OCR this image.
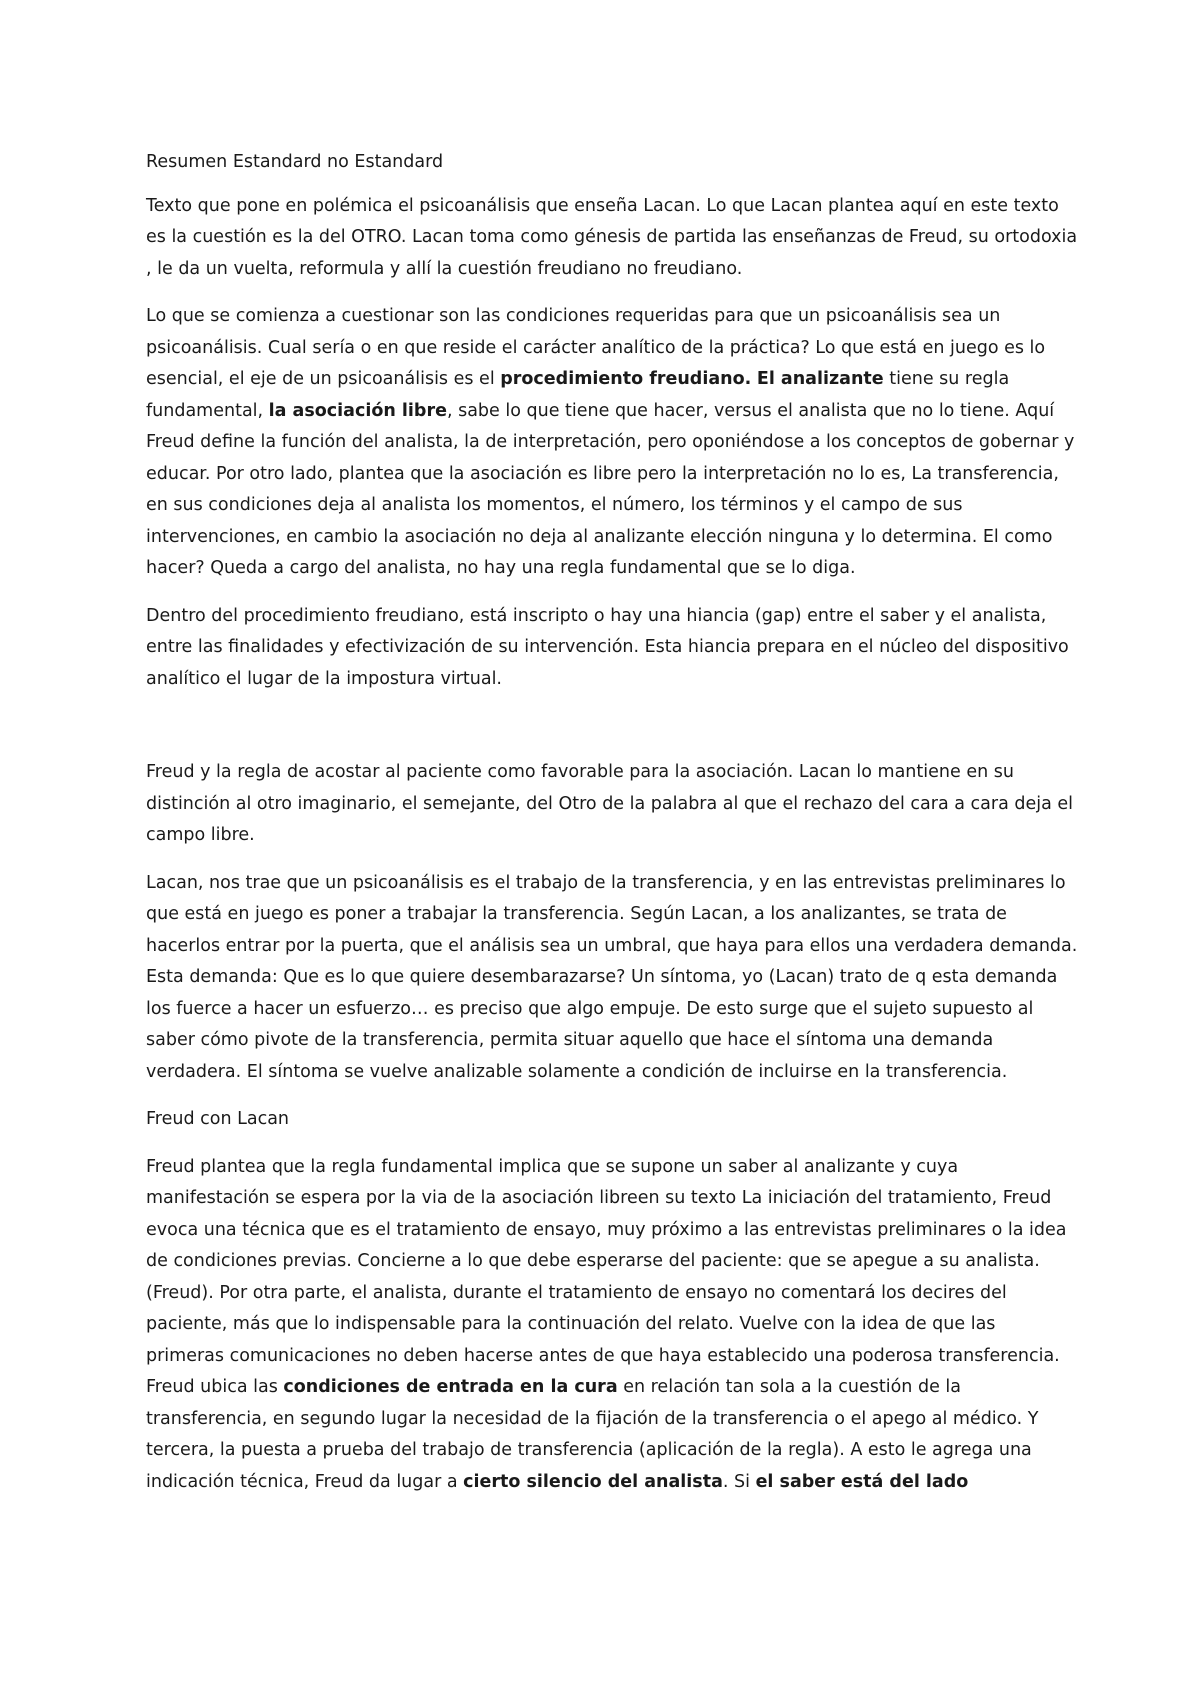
Resumen Estandard no Estandard

Texto que pone en polémica el psicoanálisis que enseña Lacan. Lo que Lacan plantea aquí en este texto es la cuestión es la del OTRO. Lacan toma como génesis de partida las enseñanzas de Freud, su ortodoxia , le da un vuelta, reformula y allí la cuestión freudiano no freudiano.

Lo que se comienza a cuestionar son las condiciones requeridas para que un psicoanálisis sea un psicoanálisis. Cual sería o en que reside el carácter analítico de la práctica? Lo que está en juego es lo esencial, el eje de un psicoanálisis es el procedimiento freudiano. El analizante tiene su regla fundamental, la asociación libre, sabe lo que tiene que hacer, versus el analista que no lo tiene. Aquí Freud define la función del analista, la de interpretación, pero oponiéndose a los conceptos de gobernar y educar. Por otro lado, plantea que la asociación es libre pero la interpretación no lo es, La transferencia, en sus condiciones deja al analista los momentos, el número, los términos y el campo de sus intervenciones, en cambio la asociación no deja al analizante elección ninguna y lo determina. El como hacer? Queda a cargo del analista, no hay una regla fundamental que se lo diga.

Dentro del procedimiento freudiano, está inscripto o hay una hiancia (gap) entre el saber y el analista, entre las finalidades y efectivización de su intervención. Esta hiancia prepara en el núcleo del dispositivo analítico el lugar de la impostura virtual.

Freud y la regla de acostar al paciente como favorable para la asociación. Lacan lo mantiene en su distinción al otro imaginario, el semejante, del Otro de la palabra al que el rechazo del cara a cara deja el campo libre.

Lacan, nos trae que un psicoanálisis es el trabajo de la transferencia, y en las entrevistas preliminares lo que está en juego es poner a trabajar la transferencia. Según Lacan, a los analizantes, se trata de hacerlos entrar por la puerta, que el análisis sea un umbral, que haya para ellos una verdadera demanda. Esta demanda: Que es lo que quiere desembarazarse? Un síntoma, yo (Lacan) trato de q esta demanda los fuerce a hacer un esfuerzo… es preciso que algo empuje. De esto surge que el sujeto supuesto al saber cómo pivote de la transferencia, permita situar aquello que hace el síntoma una demanda verdadera. El síntoma se vuelve analizable solamente a condición de incluirse en la transferencia.

Freud con Lacan

Freud plantea que la regla fundamental implica que se supone un saber al analizante y cuya manifestación se espera por la via de la asociación libreen su texto La iniciación del tratamiento, Freud evoca una técnica que es el tratamiento de ensayo, muy próximo a las entrevistas preliminares o la idea de condiciones previas. Concierne a lo que debe esperarse del paciente: que se apegue a su analista. (Freud). Por otra parte, el analista, durante el tratamiento de ensayo no comentará los decires del paciente, más que lo indispensable para la continuación del relato. Vuelve con la idea de que las primeras comunicaciones no deben hacerse antes de que haya establecido una poderosa transferencia. Freud ubica las condiciones de entrada en la cura en relación tan sola a la cuestión de la transferencia, en segundo lugar la necesidad de la fijación de la transferencia o el apego al médico. Y tercera, la puesta a prueba del trabajo de transferencia (aplicación de la regla). A esto le agrega una indicación técnica, Freud da lugar a cierto silencio del analista. Si el saber está del lado
